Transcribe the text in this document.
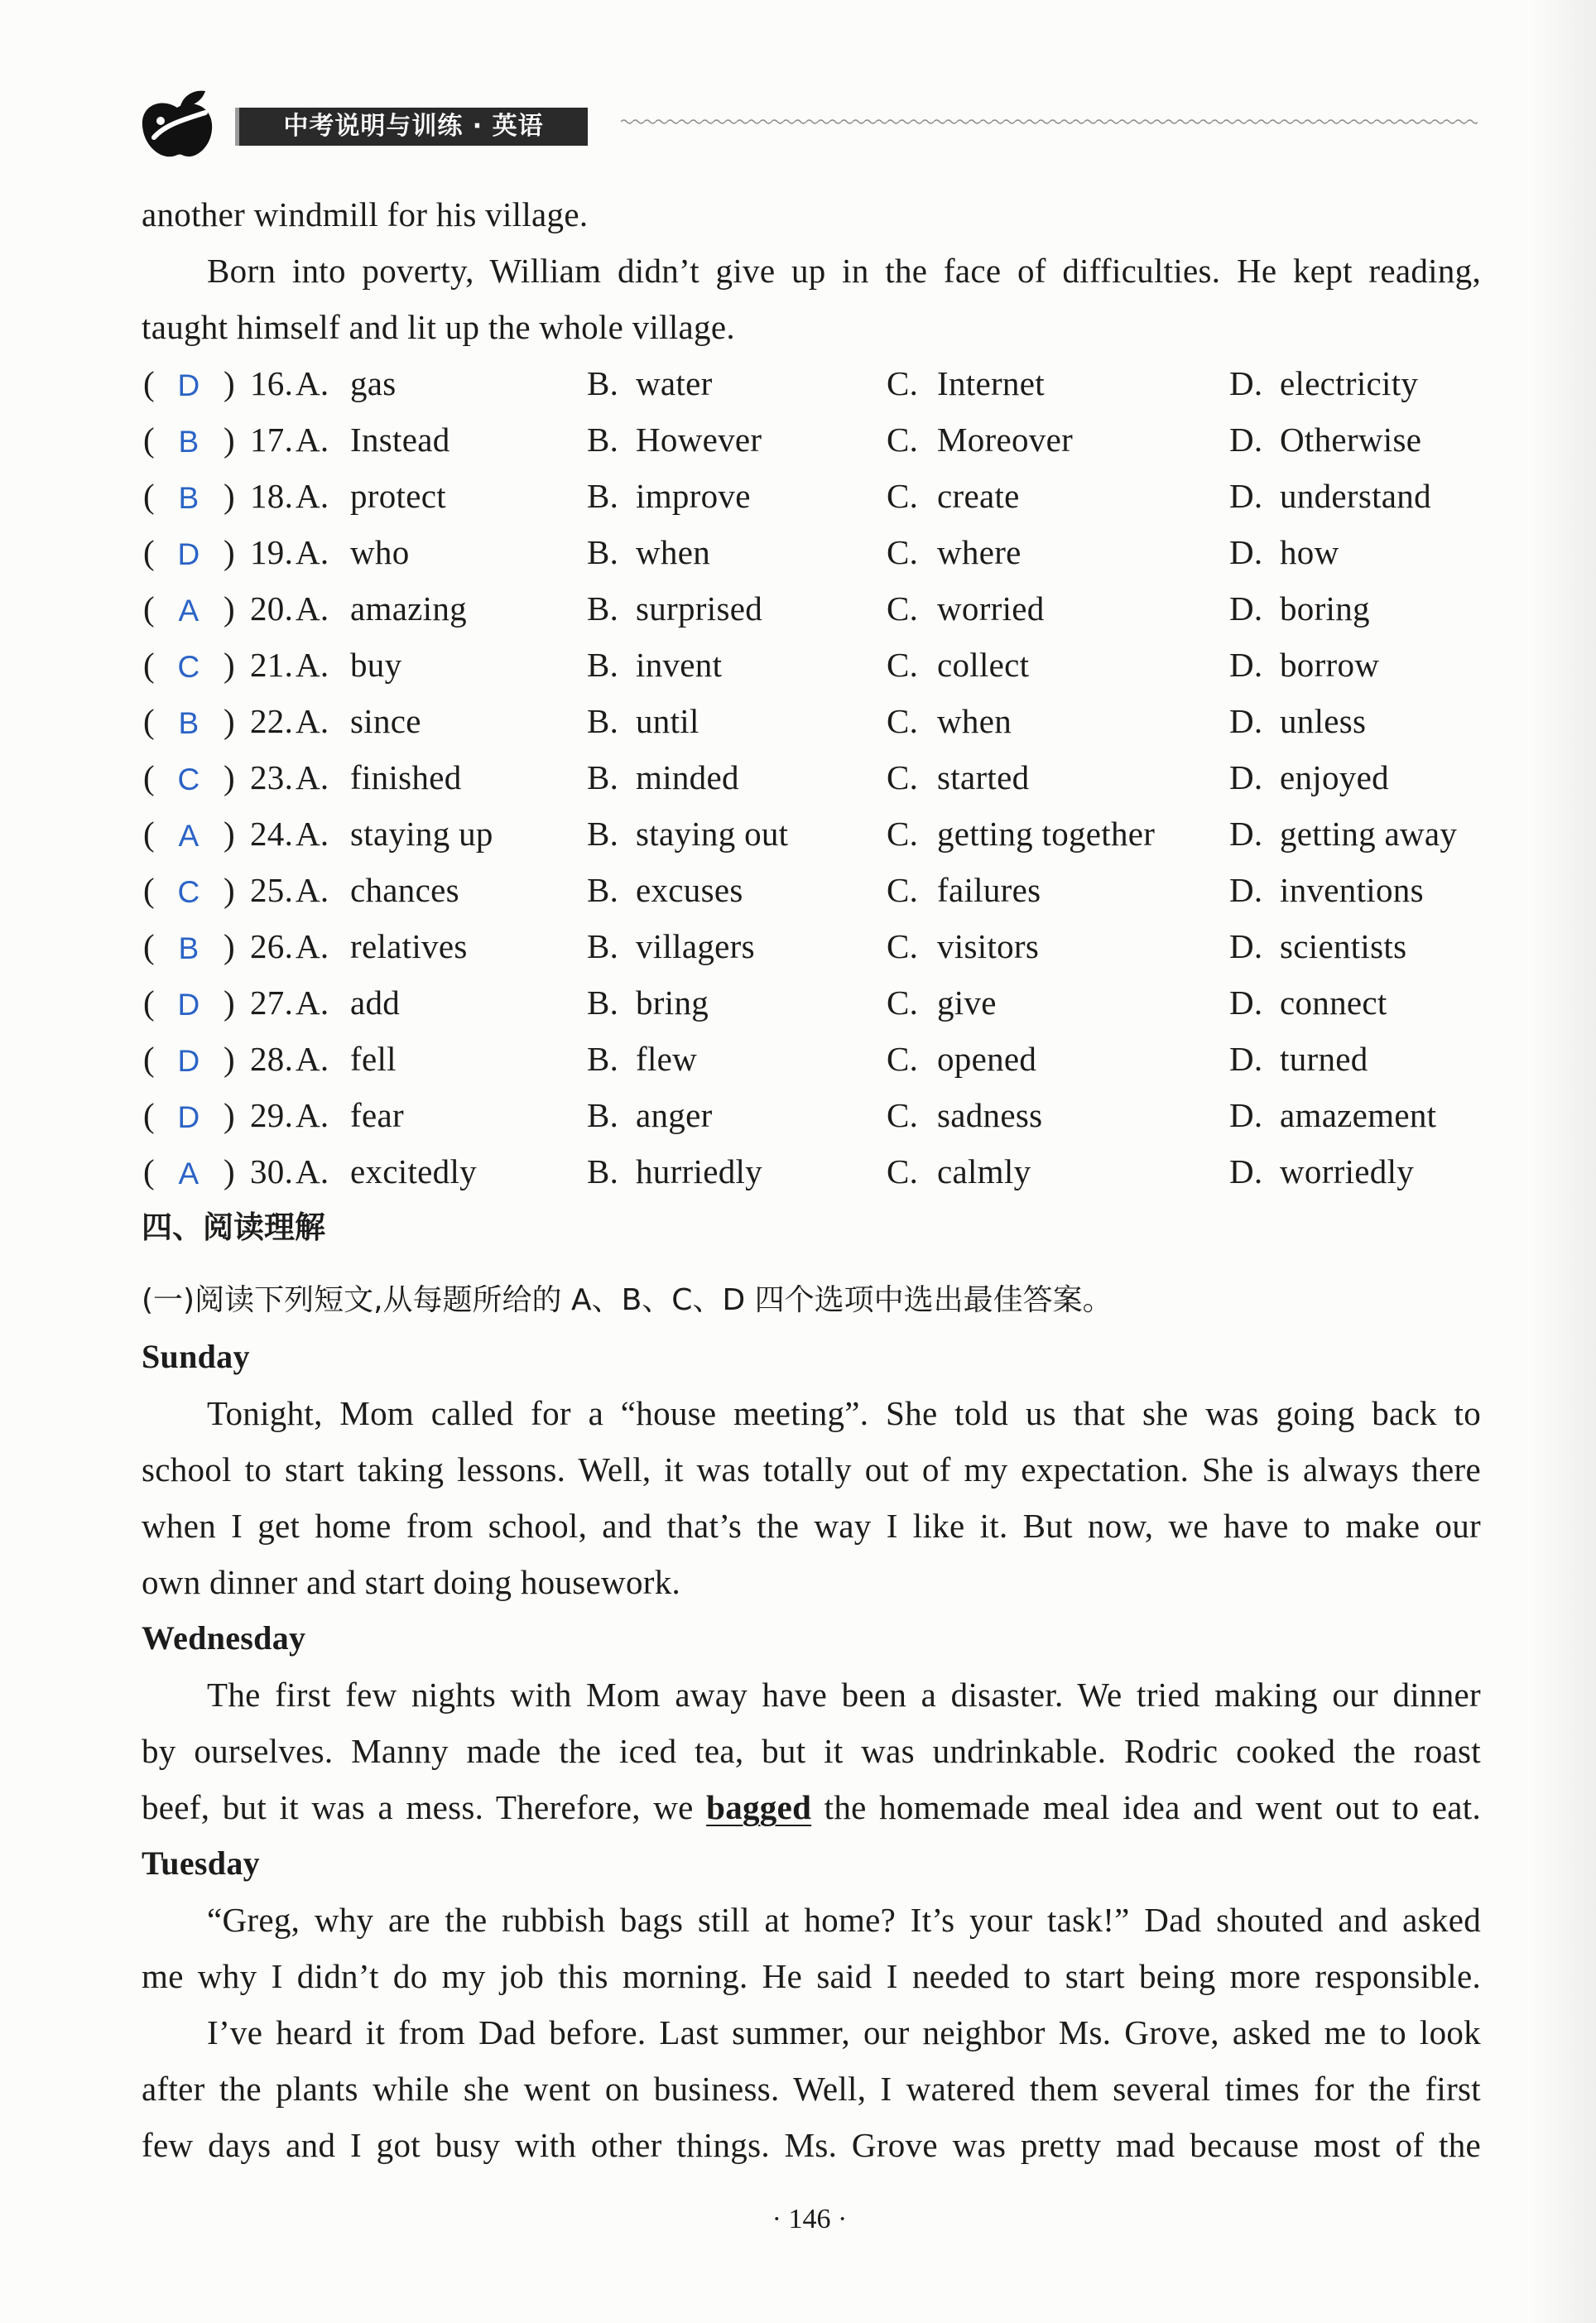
中考说明与训练 · 英语
another windmill for his village.
Born into poverty, William didn’t give up in the face of difficulties. He kept reading,
taught himself and lit up the whole village.
( D ) 16. A. gas	B. water	C. Internet	D. electricity
( B ) 17. A. Instead	B. However	C. Moreover	D. Otherwise
( B ) 18. A. protect	B. improve	C. create	D. understand
( D ) 19. A. who	B. when	C. where	D. how
( A ) 20. A. amazing	B. surprised	C. worried	D. boring
( C ) 21. A. buy	B. invent	C. collect	D. borrow
( B ) 22. A. since	B. until	C. when	D. unless
( C ) 23. A. finished	B. minded	C. started	D. enjoyed
( A ) 24. A. staying up	B. staying out	C. getting together D. getting away
( C ) 25. A. chances	B. excuses	C. failures	D. inventions
( B ) 26. A. relatives	B. villagers	C. visitors	D. scientists
( D ) 27. A. add	B. bring	C. give	D. connect
( D ) 28. A. fell	B. flew	C. opened	D. turned
( D ) 29. A. fear	B. anger	C. sadness	D. amazement
( A ) 30. A. excitedly	B. hurriedly	C. calmly	D. worriedly
四、阅读理解
(一)阅读下列短文,从每题所给的 A、B、C、D 四个选项中选出最佳答案。
Sunday
Tonight, Mom called for a “house meeting”. She told us that she was going back to
school to start taking lessons. Well, it was totally out of my expectation. She is always there
when I get home from school, and that’s the way I like it. But now, we have to make our
own dinner and start doing housework.
Wednesday
The first few nights with Mom away have been a disaster. We tried making our dinner
by ourselves. Manny made the iced tea, but it was undrinkable. Rodric cooked the roast
beef, but it was a mess. Therefore, we bagged the homemade meal idea and went out to eat.
Tuesday
“Greg, why are the rubbish bags still at home? It’s your task!” Dad shouted and asked
me why I didn’t do my job this morning. He said I needed to start being more responsible.
I’ve heard it from Dad before. Last summer, our neighbor Ms. Grove, asked me to look
after the plants while she went on business. Well, I watered them several times for the first
few days and I got busy with other things. Ms. Grove was pretty mad because most of the
· 146 ·
